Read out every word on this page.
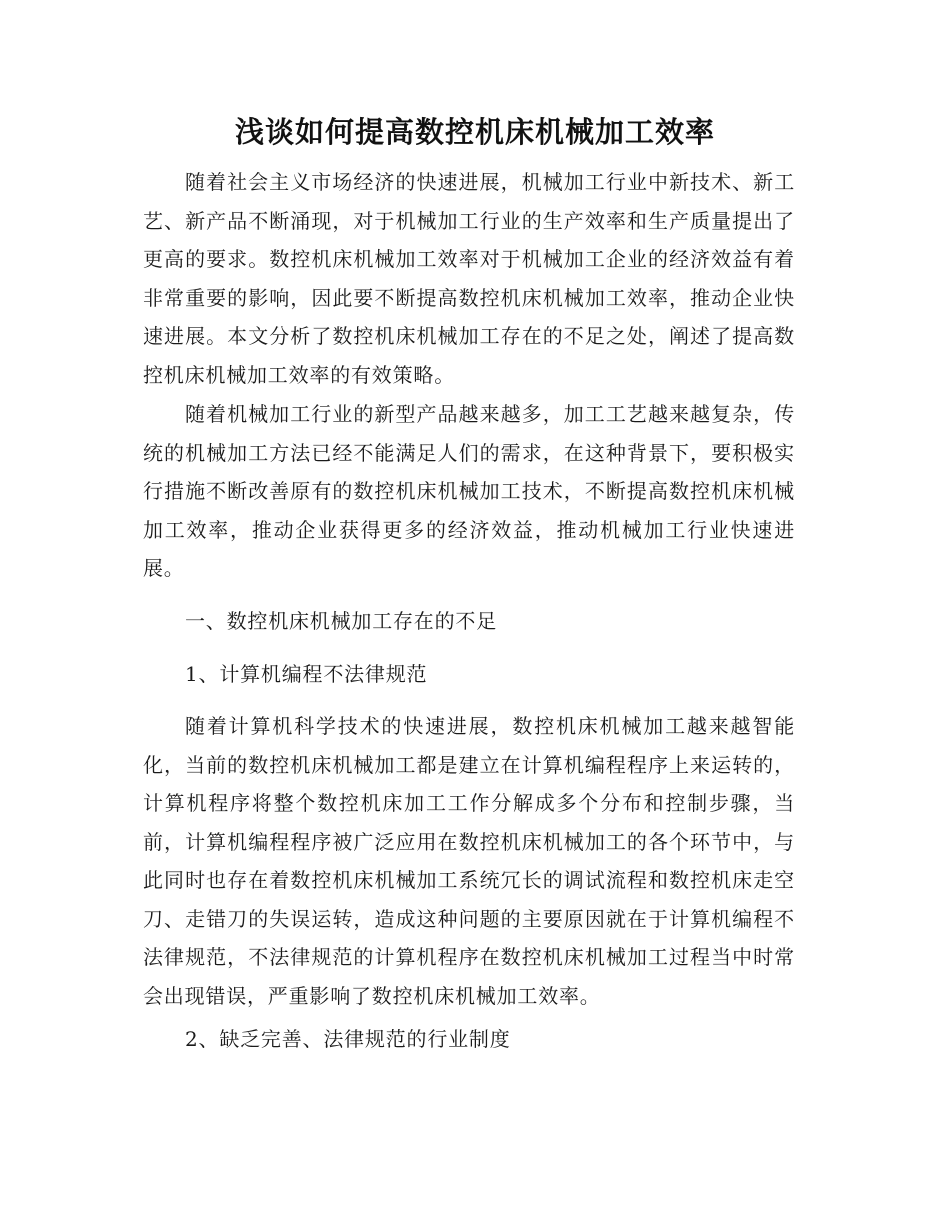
浅谈如何提高数控机床机械加工效率

随着社会主义市场经济的快速进展，机械加工行业中新技术、新工艺、新产品不断涌现，对于机械加工行业的生产效率和生产质量提出了更高的要求。数控机床机械加工效率对于机械加工企业的经济效益有着非常重要的影响，因此要不断提高数控机床机械加工效率，推动企业快速进展。本文分析了数控机床机械加工存在的不足之处，阐述了提高数控机床机械加工效率的有效策略。

随着机械加工行业的新型产品越来越多，加工工艺越来越复杂，传统的机械加工方法已经不能满足人们的需求，在这种背景下，要积极实行措施不断改善原有的数控机床机械加工技术，不断提高数控机床机械加工效率，推动企业获得更多的经济效益，推动机械加工行业快速进展。

一、数控机床机械加工存在的不足

1、计算机编程不法律规范

随着计算机科学技术的快速进展，数控机床机械加工越来越智能化，当前的数控机床机械加工都是建立在计算机编程程序上来运转的，计算机程序将整个数控机床加工工作分解成多个分布和控制步骤，当前，计算机编程程序被广泛应用在数控机床机械加工的各个环节中，与此同时也存在着数控机床机械加工系统冗长的调试流程和数控机床走空刀、走错刀的失误运转，造成这种问题的主要原因就在于计算机编程不法律规范，不法律规范的计算机程序在数控机床机械加工过程当中时常会出现错误，严重影响了数控机床机械加工效率。

2、缺乏完善、法律规范的行业制度
